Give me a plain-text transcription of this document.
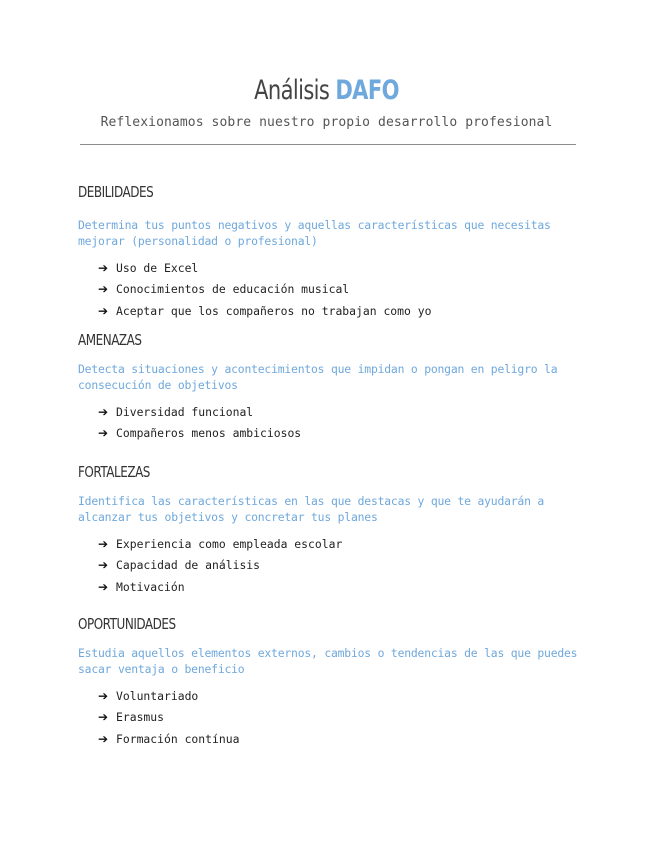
Análisis DAFO
Reflexionamos sobre nuestro propio desarrollo profesional
DEBILIDADES
Determina tus puntos negativos y aquellas características que necesitas mejorar (personalidad o profesional)
➔ Uso de Excel
➔ Conocimientos de educación musical
➔ Aceptar que los compañeros no trabajan como yo
AMENAZAS
Detecta situaciones y acontecimientos que impidan o pongan en peligro la consecución de objetivos
➔ Diversidad funcional
➔ Compañeros menos ambiciosos
FORTALEZAS
Identifica las características en las que destacas y que te ayudarán a alcanzar tus objetivos y concretar tus planes
➔ Experiencia como empleada escolar
➔ Capacidad de análisis
➔ Motivación
OPORTUNIDADES
Estudia aquellos elementos externos, cambios o tendencias de las que puedes sacar ventaja o beneficio
➔ Voluntariado
➔ Erasmus
➔ Formación contínua
